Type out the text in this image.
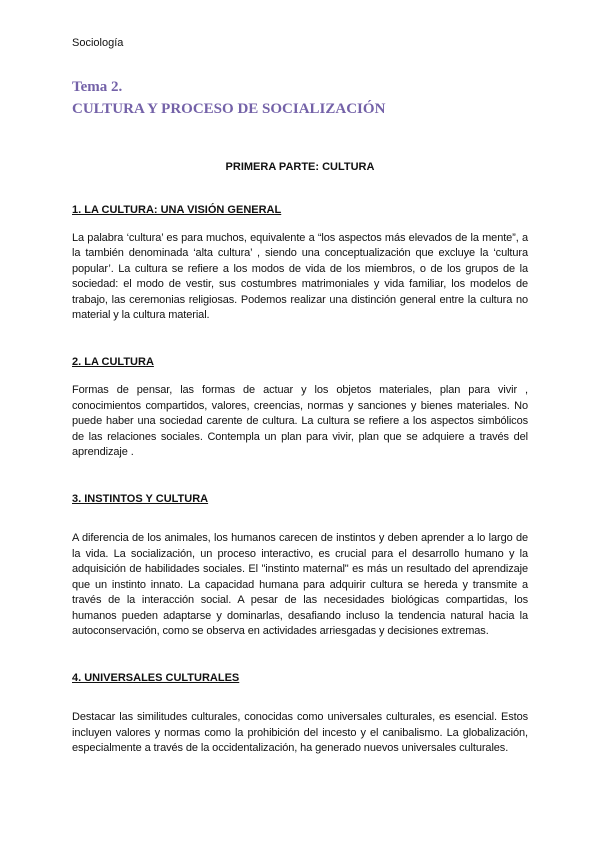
Sociología

Tema 2.
CULTURA Y PROCESO DE SOCIALIZACIÓN
PRIMERA PARTE: CULTURA
1. LA CULTURA: UNA VISIÓN GENERAL

La palabra ‘cultura’ es para muchos, equivalente a “los aspectos más elevados de la mente”, a la también denominada ‘alta cultura’ , siendo una conceptualización que excluye la ‘cultura popular’. La cultura se refiere a los modos de vida de los miembros, o de los grupos de la sociedad: el modo de vestir, sus costumbres matrimoniales y vida familiar, los modelos de trabajo, las ceremonias religiosas. Podemos realizar una distinción general entre la cultura no material y la cultura material.

2. LA CULTURA

Formas de pensar, las formas de actuar y los objetos materiales, plan para vivir , conocimientos compartidos, valores, creencias, normas y sanciones y bienes materiales. No puede haber una sociedad carente de cultura. La cultura se refiere a los aspectos simbólicos de las relaciones sociales. Contempla un plan para vivir, plan que se adquiere a través del aprendizaje .

3. INSTINTOS Y CULTURA

A diferencia de los animales, los humanos carecen de instintos y deben aprender a lo largo de la vida. La socialización, un proceso interactivo, es crucial para el desarrollo humano y la adquisición de habilidades sociales. El "instinto maternal" es más un resultado del aprendizaje que un instinto innato. La capacidad humana para adquirir cultura se hereda y transmite a través de la interacción social. A pesar de las necesidades biológicas compartidas, los humanos pueden adaptarse y dominarlas, desafiando incluso la tendencia natural hacia la autoconservación, como se observa en actividades arriesgadas y decisiones extremas.

4. UNIVERSALES CULTURALES

Destacar las similitudes culturales, conocidas como universales culturales, es esencial. Estos incluyen valores y normas como la prohibición del incesto y el canibalismo. La globalización, especialmente a través de la occidentalización, ha generado nuevos universales culturales.
